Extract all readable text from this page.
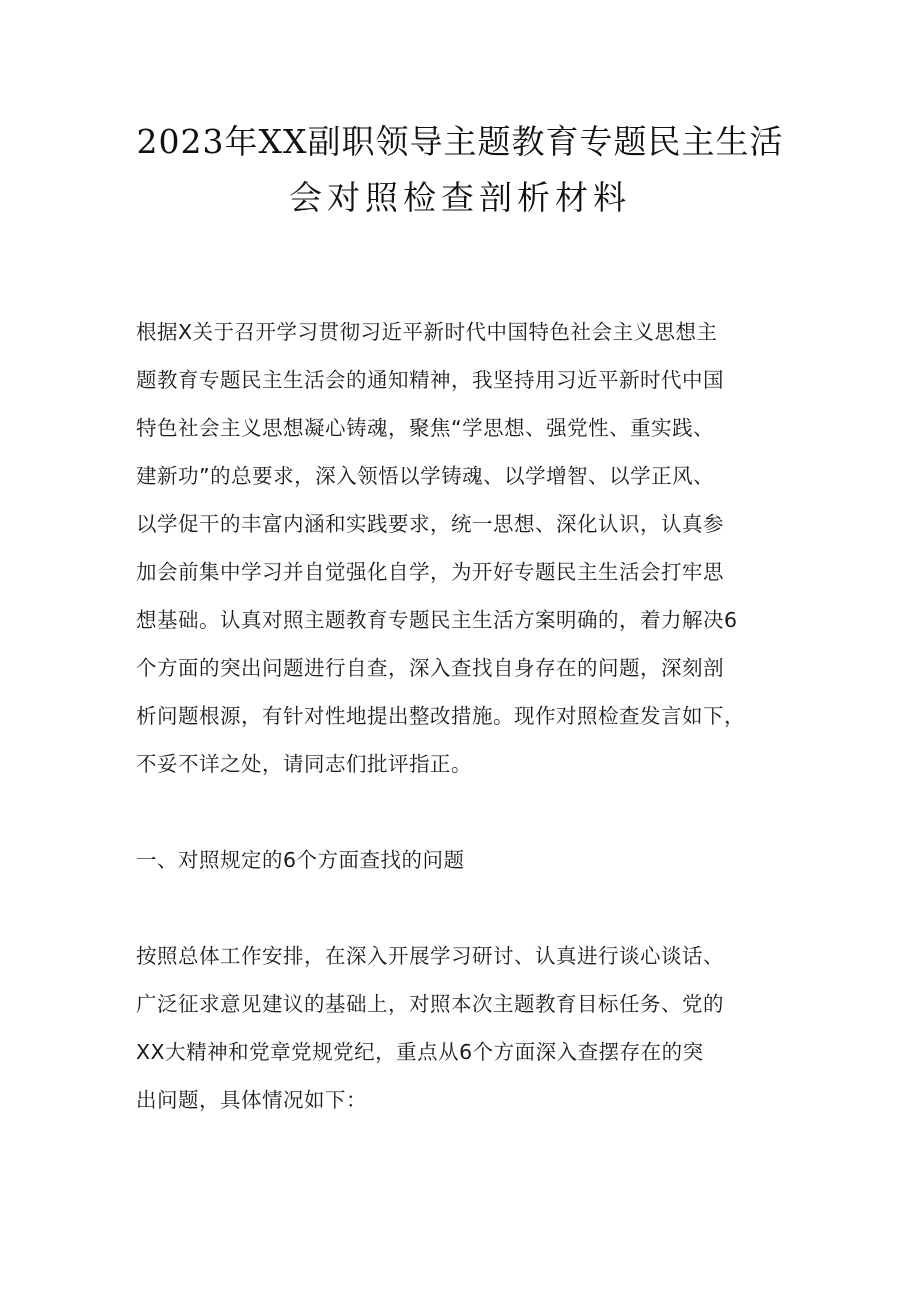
2023年XX副职领导主题教育专题民主生活
会对照检查剖析材料
根据X关于召开学习贯彻习近平新时代中国特色社会主义思想主
题教育专题民主生活会的通知精神，我坚持用习近平新时代中国
特色社会主义思想凝心铸魂，聚焦“学思想、强党性、重实践、
建新功”的总要求，深入领悟以学铸魂、以学增智、以学正风、
以学促干的丰富内涵和实践要求，统一思想、深化认识，认真参
加会前集中学习并自觉强化自学，为开好专题民主生活会打牢思
想基础。认真对照主题教育专题民主生活方案明确的，着力解决6
个方面的突出问题进行自查，深入查找自身存在的问题，深刻剖
析问题根源，有针对性地提出整改措施。现作对照检查发言如下，
不妥不详之处，请同志们批评指正。
一、对照规定的6个方面查找的问题
按照总体工作安排，在深入开展学习研讨、认真进行谈心谈话、
广泛征求意见建议的基础上，对照本次主题教育目标任务、党的
XX大精神和党章党规党纪，重点从6个方面深入查摆存在的突
出问题，具体情况如下：
